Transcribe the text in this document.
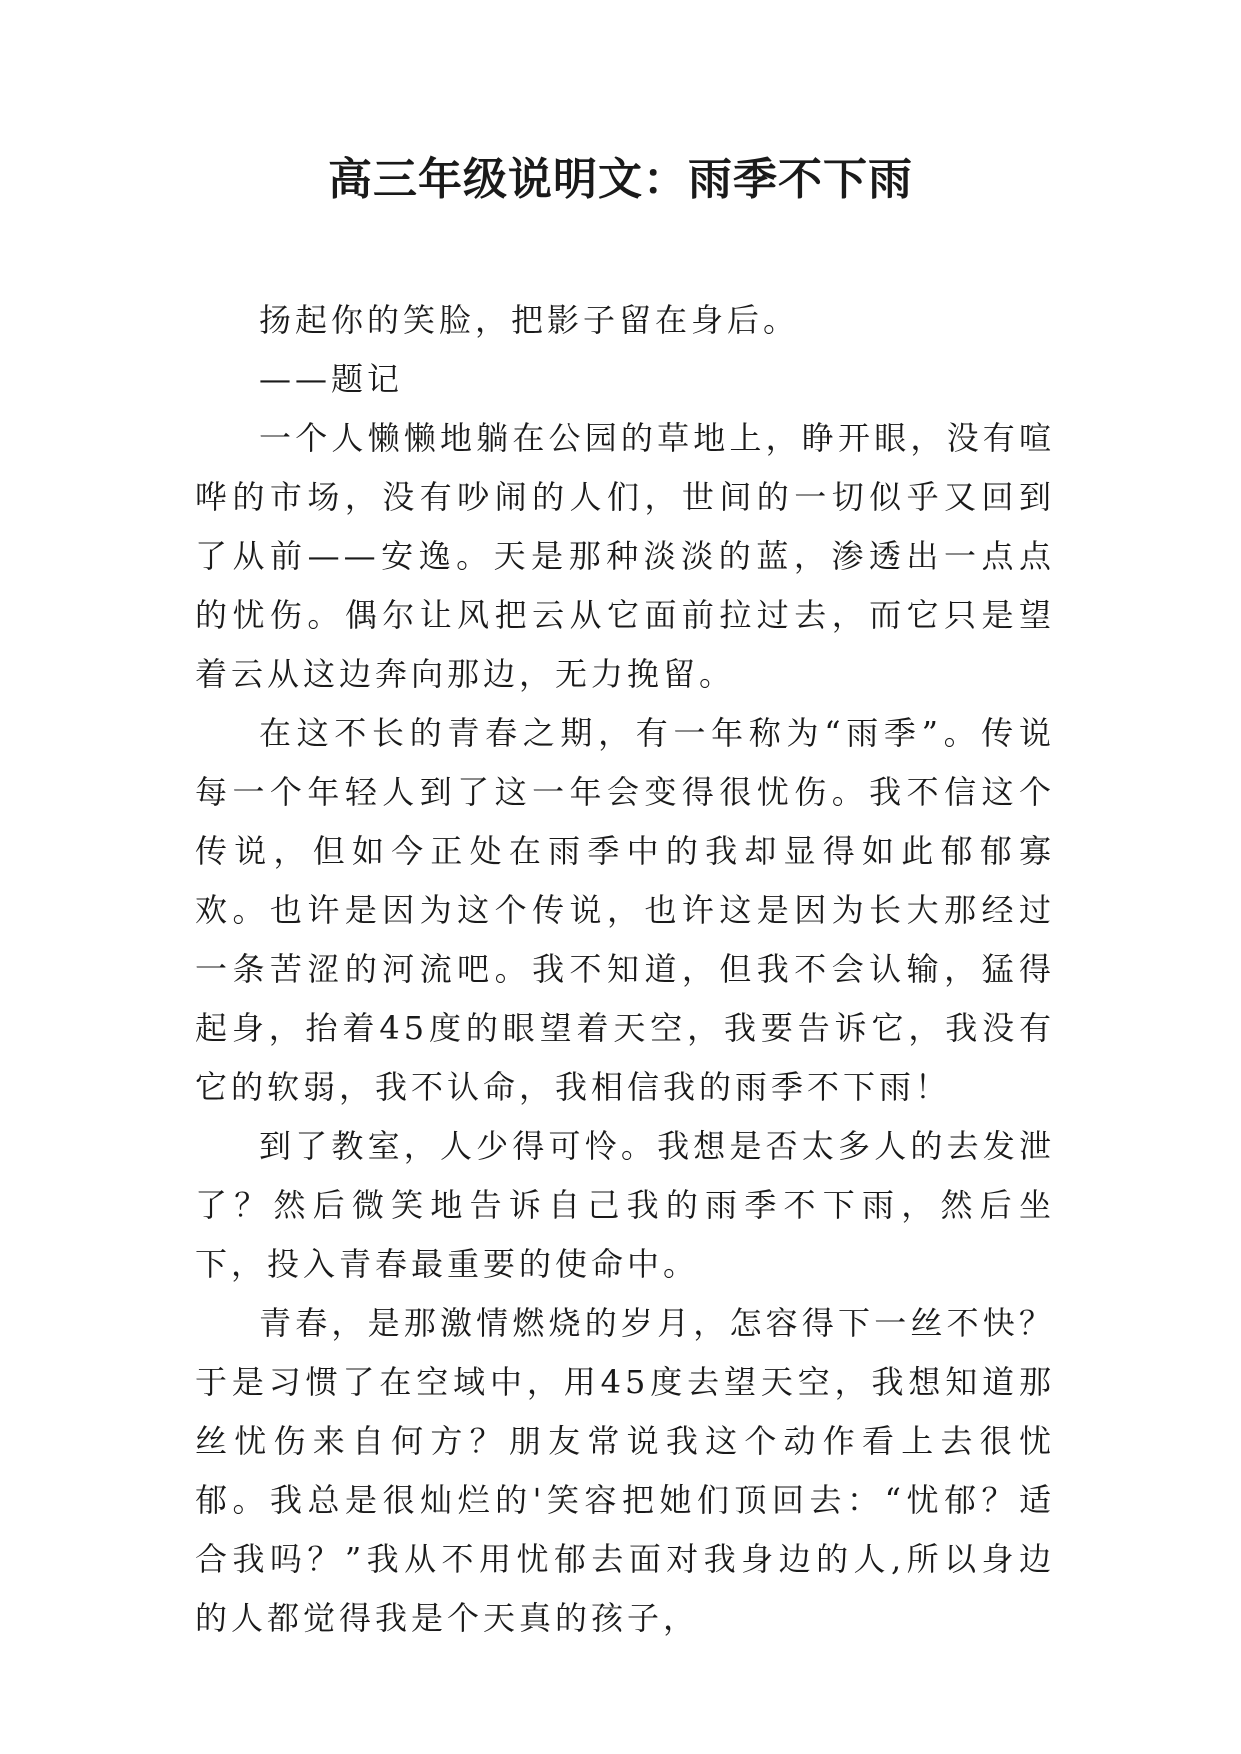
高三年级说明文：雨季不下雨

扬起你的笑脸，把影子留在身后。

——题记

一个人懒懒地躺在公园的草地上，睁开眼，没有喧哗的市场，没有吵闹的人们，世间的一切似乎又回到了从前——安逸。天是那种淡淡的蓝，渗透出一点点的忧伤。偶尔让风把云从它面前拉过去，而它只是望着云从这边奔向那边，无力挽留。

在这不长的青春之期，有一年称为“雨季”。传说每一个年轻人到了这一年会变得很忧伤。我不信这个传说，但如今正处在雨季中的我却显得如此郁郁寡欢。也许是因为这个传说，也许这是因为长大那经过一条苦涩的河流吧。我不知道，但我不会认输，猛得起身，抬着45度的眼望着天空，我要告诉它，我没有它的软弱，我不认命，我相信我的雨季不下雨！

到了教室，人少得可怜。我想是否太多人的去发泄了？然后微笑地告诉自己我的雨季不下雨，然后坐下，投入青春最重要的使命中。

青春，是那激情燃烧的岁月，怎容得下一丝不快？于是习惯了在空域中，用45度去望天空，我想知道那丝忧伤来自何方？朋友常说我这个动作看上去很忧郁。我总是很灿烂的'笑容把她们顶回去：“忧郁？适合我吗？”我从不用忧郁去面对我身边的人,所以身边的人都觉得我是个天真的孩子，
